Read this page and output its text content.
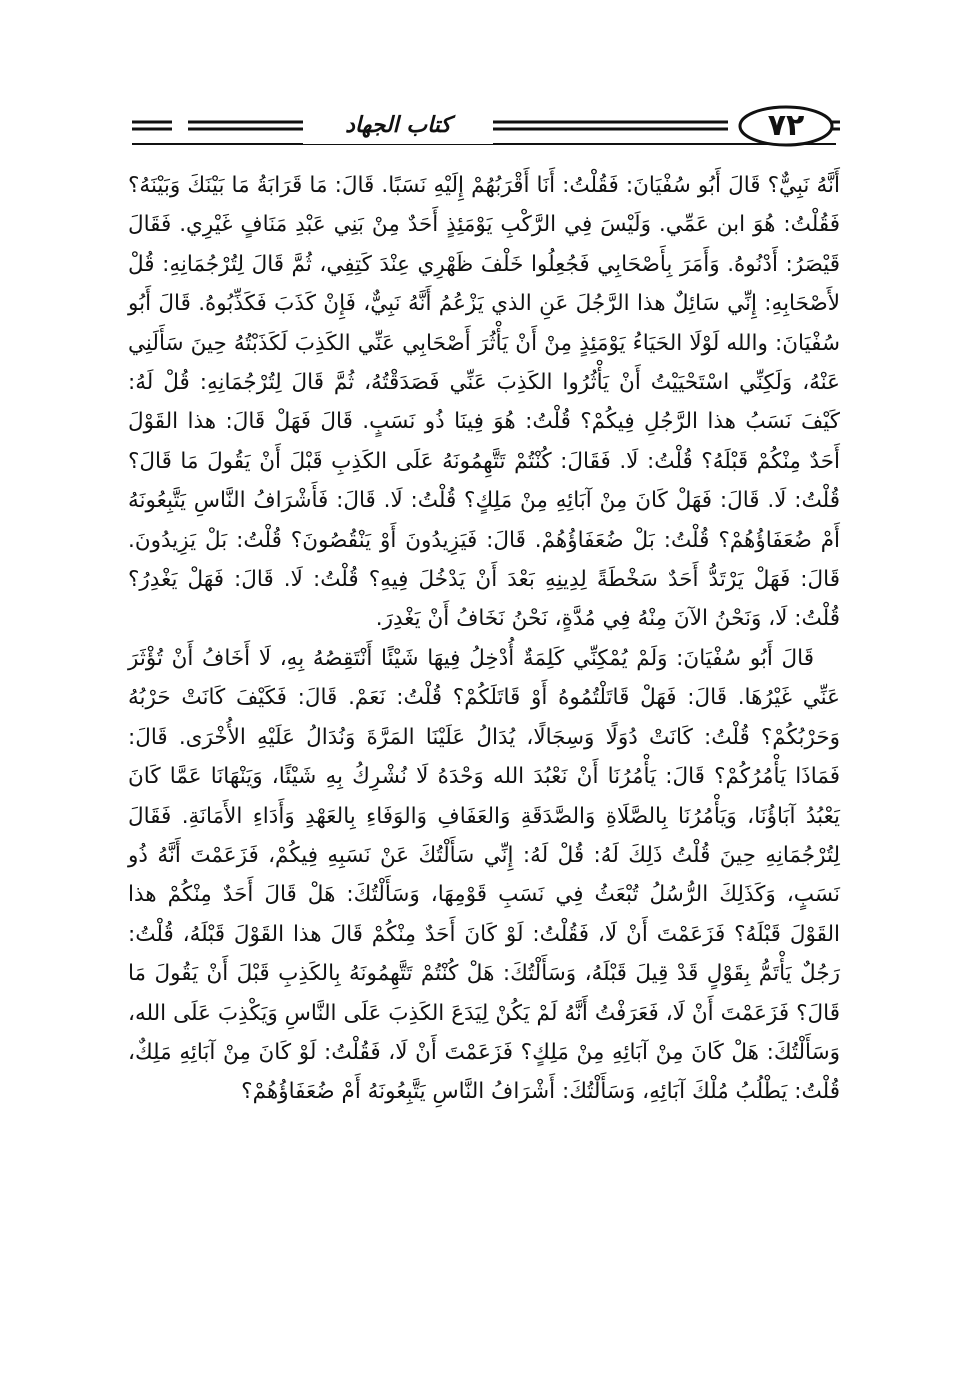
كتاب الجهاد	٧٢

أَنَّهُ نَبِيٌّ؟ قَالَ أَبُو سُفْيَانَ: فَقُلْتُ: أَنَا أَقْرَبُهُمْ إِلَيْهِ نَسَبًا. قَالَ: مَا قَرَابَةُ مَا بَيْنَكَ وَبَيْنَهُ؟ فَقُلْتُ: هُوَ ابن عَمِّي. وَلَيْسَ فِي الرَّكْبِ يَوْمَئِذٍ أَحَدٌ مِنْ بَنِي عَبْدِ مَنَافٍ غَيْرِي. فَقَالَ قَيْصَرُ: أَدْنُوهُ. وَأَمَرَ بِأَصْحَابِي فَجُعِلُوا خَلْفَ ظَهْرِي عِنْدَ كَتِفِي، ثُمَّ قَالَ لِتُرْجُمَانِهِ: قُلْ لأَصْحَابِهِ: إِنِّي سَائِلٌ هذا الرَّجُلَ عَنِ الذي يَزْعُمُ أَنَّهُ نَبِيٌّ، فَإِنْ كَذَبَ فَكَذِّبُوهُ. قَالَ أَبُو سُفْيَانَ: والله لَوْلَا الحَيَاءُ يَوْمَئِذٍ مِنْ أَنْ يَأْثُرَ أَصْحَابِي عَنِّي الكَذِبَ لَكَذَبْتُهُ حِينَ سَأَلَنِي عَنْهُ، وَلَكِنِّي اسْتَحْيَيْتُ أَنْ يَأْثُرُوا الكَذِبَ عَنِّي فَصَدَقْتُهُ، ثُمَّ قَالَ لِتُرْجُمَانِهِ: قُلْ لَهُ: كَيْفَ نَسَبُ هذا الرَّجُلِ فِيكُمْ؟ قُلْتُ: هُوَ فِينَا ذُو نَسَبٍ. قَالَ فَهَلْ قَالَ: هذا القَوْلَ أَحَدٌ مِنْكُمْ قَبْلَهُ؟ قُلْتُ: لَا. فَقَالَ: كُنْتُمْ تَتَّهِمُونَهُ عَلَى الكَذِبِ قَبْلَ أَنْ يَقُولَ مَا قَالَ؟ قُلْتُ: لَا. قَالَ: فَهَلْ كَانَ مِنْ آبَائِهِ مِنْ مَلِكٍ؟ قُلْتُ: لَا. قَالَ: فَأَشْرَافُ النَّاسِ يَتَّبِعُونَهُ أَمْ ضُعَفَاؤُهُمْ؟ قُلْتُ: بَلْ ضُعَفَاؤُهُمْ. قَالَ: فَيَزِيدُونَ أَوْ يَنْقُصُونَ؟ قُلْتُ: بَلْ يَزِيدُونَ. قَالَ: فَهَلْ يَرْتَدُّ أَحَدٌ سَخْطَةً لِدِينِهِ بَعْدَ أَنْ يَدْخُلَ فِيهِ؟ قُلْتُ: لَا. قَالَ: فَهَلْ يَغْدِرُ؟ قُلْتُ: لَا، وَنَحْنُ الآنَ مِنْهُ فِي مُدَّةٍ، نَحْنُ نَخَافُ أَنْ يَغْدِرَ.

قَالَ أَبُو سُفْيَانَ: وَلَمْ يُمْكِنِّي كَلِمَةٌ أُدْخِلُ فِيهَا شَيْئًا أَنْتَقِصُهُ بِهِ، لَا أَخَافُ أَنْ تُؤْثَرَ عَنِّي غَيْرُهَا. قَالَ: فَهَلْ قَاتَلْتُمُوهُ أَوْ قَاتَلَكُمْ؟ قُلْتُ: نَعَمْ. قَالَ: فَكَيْفَ كَانَتْ حَرْبُهُ وَحَرْبُكُمْ؟ قُلْتُ: كَانَتْ دُوَلًا وَسِجَالًا، يُدَالُ عَلَيْنَا المَرَّةَ وَنُدَالُ عَلَيْهِ الأُخْرَى. قَالَ: فَمَاذَا يَأْمُرُكُمْ؟ قَالَ: يَأْمُرُنَا أَنْ نَعْبُدَ الله وَحْدَهُ لَا نُشْرِكُ بِهِ شَيْئًا، وَيَنْهَانَا عَمَّا كَانَ يَعْبُدُ آبَاؤُنَا، وَيَأْمُرُنَا بِالصَّلَاةِ وَالصَّدَقَةِ وَالعَفَافِ وَالوَفَاءِ بِالعَهْدِ وَأَدَاءِ الأَمَانَةِ. فَقَالَ لِتُرْجُمَانِهِ حِينَ قُلْتُ ذَلِكَ لَهُ: قُلْ لَهُ: إِنِّي سَأَلْتُكَ عَنْ نَسَبِهِ فِيكُمْ، فَزَعَمْتَ أَنَّهُ ذُو نَسَبٍ، وَكَذَلِكَ الرُّسُلُ تُبْعَثُ فِي نَسَبِ قَوْمِهَا، وَسَأَلْتُكَ: هَلْ قَالَ أَحَدٌ مِنْكُمْ هذا القَوْلَ قَبْلَهُ؟ فَزَعَمْتَ أَنْ لَا، فَقُلْتُ: لَوْ كَانَ أَحَدٌ مِنْكُمْ قَالَ هذا القَوْلَ قَبْلَهُ، قُلْتُ: رَجُلٌ يَأْتَمُّ بِقَوْلٍ قَدْ قِيلَ قَبْلَهُ، وَسَأَلْتُكَ: هَلْ كُنْتُمْ تَتَّهِمُونَهُ بِالكَذِبِ قَبْلَ أَنْ يَقُولَ مَا قَالَ؟ فَزَعَمْتَ أَنْ لَا، فَعَرَفْتُ أَنَّهُ لَمْ يَكُنْ لِيَدَعَ الكَذِبَ عَلَى النَّاسِ وَيَكْذِبَ عَلَى الله، وَسَأَلْتُكَ: هَلْ كَانَ مِنْ آبَائِهِ مِنْ مَلِكٍ؟ فَزَعَمْتَ أَنْ لَا، فَقُلْتُ: لَوْ كَانَ مِنْ آبَائِهِ مَلِكٌ، قُلْتُ: يَطْلُبُ مُلْكَ آبَائِهِ، وَسَأَلْتُكَ: أَشْرَافُ النَّاسِ يَتَّبِعُونَهُ أَمْ ضُعَفَاؤُهُمْ؟
